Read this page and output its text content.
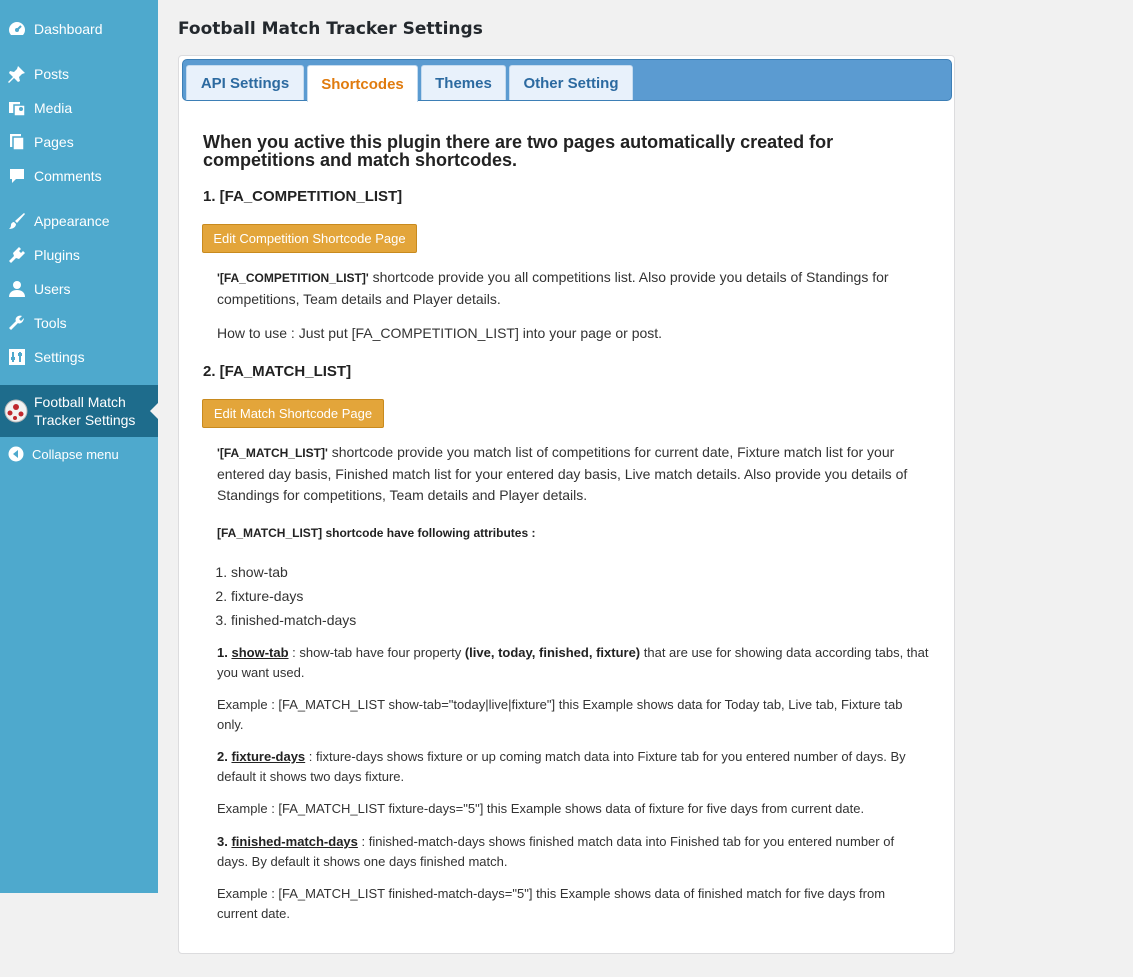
Dashboard
Posts
Media
Pages
Comments
Appearance
Plugins
Users
Tools
Settings
Football Match
Tracker Settings
Collapse menu
Football Match Tracker Settings
API Settings	Shortcodes	Themes	Other Setting
When you active this plugin there are two pages automatically created for competitions and match shortcodes.
1. [FA_COMPETITION_LIST]
Edit Competition Shortcode Page
'[FA_COMPETITION_LIST]' shortcode provide you all competitions list. Also provide you details of Standings for competitions, Team details and Player details.
How to use : Just put [FA_COMPETITION_LIST] into your page or post.
2. [FA_MATCH_LIST]
Edit Match Shortcode Page
'[FA_MATCH_LIST]' shortcode provide you match list of competitions for current date, Fixture match list for your entered day basis, Finished match list for your entered day basis, Live match details. Also provide you details of Standings for competitions, Team details and Player details.
[FA_MATCH_LIST] shortcode have following attributes :
1. show-tab
2. fixture-days
3. finished-match-days
1. show-tab : show-tab have four property (live, today, finished, fixture) that are use for showing data according tabs, that you want used.
Example : [FA_MATCH_LIST show-tab="today|live|fixture"] this Example shows data for Today tab, Live tab, Fixture tab only.
2. fixture-days : fixture-days shows fixture or up coming match data into Fixture tab for you entered number of days. By default it shows two days fixture.
Example : [FA_MATCH_LIST fixture-days="5"] this Example shows data of fixture for five days from current date.
3. finished-match-days : finished-match-days shows finished match data into Finished tab for you entered number of days. By default it shows one days finished match.
Example : [FA_MATCH_LIST finished-match-days="5"] this Example shows data of finished match for five days from current date.
